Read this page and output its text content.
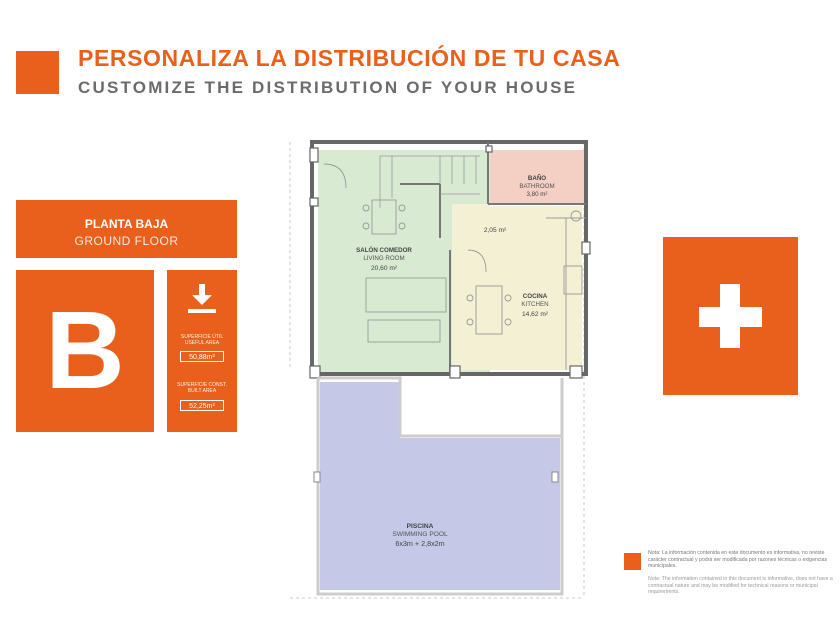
PERSONALIZA LA DISTRIBUCIÓN DE TU CASA
CUSTOMIZE THE DISTRIBUTION OF YOUR HOUSE
PLANTA BAJA
GROUND FLOOR
B	SUPERFICIE ÚTIL
USEFUL AREA
50,88m²
SUPERFICIE CONST.
BUILT AREA
52,25m²
BAÑO
BATHROOM
3,80 m²
2,05 m²
SALÓN COMEDOR
LIVING ROOM
20,60 m²
COCINA
KITCHEN
14,62 m²
PISCINA
SWIMMING POOL
6x3m + 2,8x2m
Nota: La información contenida en este documento es informativa, no reviste carácter contractual y podrá ser modificada por razones técnicas o exigencias municipales.
Note: The information contained in this document is informative, does not have a contractual nature and may be modified for technical reasons or municipal requirements.
